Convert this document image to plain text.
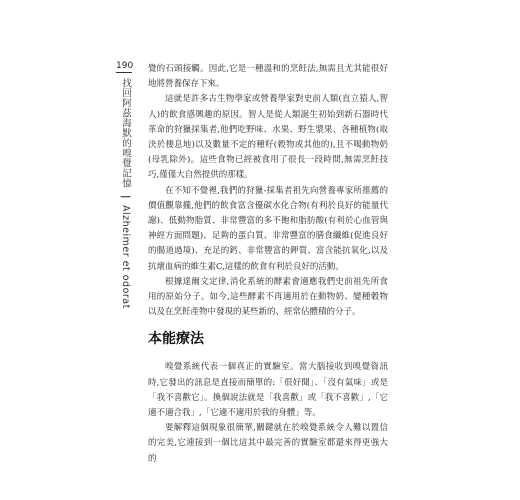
190
找回阿茲海默的嗅覺記憶 | Alzheimer et odorat

覺的石頭接觸。因此,它是一種溫和的烹飪法,無需且尤其能很好地將營養保存下來。

這就是許多古生物學家或營養學家對史前人類(直立猿人,智人)的飲食感興趣的原因。智人是從人類誕生初始到新石器時代革命的狩獵採集者,他們吃野味、水果、野生漿果、各種植物(取決於棲息地)以及數量不定的種籽(穀物或其他的),且不喝動物奶(母乳除外)。這些食物已經被食用了很長一段時間,無需烹飪技巧,僅僅大自然提供的那樣。

在不知不覺裡,我們的狩獵-採集者祖先向營養專家所推薦的價值觀靠攏,他們的飲食富含優碳水化合物(有利於良好的能量代謝)、低動物脂質、非常豐富的多不飽和脂肪酸(有利於心血管與神經方面問題)、足夠的蛋白質、非常豐富的膳食纖維(促進良好的腸道過境)、充足的鈣、非常豐富的鉀質、富含能抗氧化,以及抗壞血病的維生素C,這樣的飲食有利於良好的活動。

根據達爾文定律,消化系統的酵素會適應我們史前祖先所食用的原始分子。如今,這些酵素不再適用於在動物奶、變種穀物以及在烹飪產物中發現的某些新的、經常佔體積的分子。

本能療法

嗅覺系統代表一個真正的實驗室。當大腦接收到嗅覺資訊時,它發出的訊息是直接而簡單的:「很好聞」、「沒有氣味」或是「我不喜歡它」。換個說法就是「我喜歡」或「我不喜歡」,「它適不適合我」,「它適不適用於我的身體」等。

要解釋這個現象很簡單,關鍵就在於嗅覺系統令人難以置信的完美,它連接到一個比這其中最完善的實驗室都還來得更強大的
